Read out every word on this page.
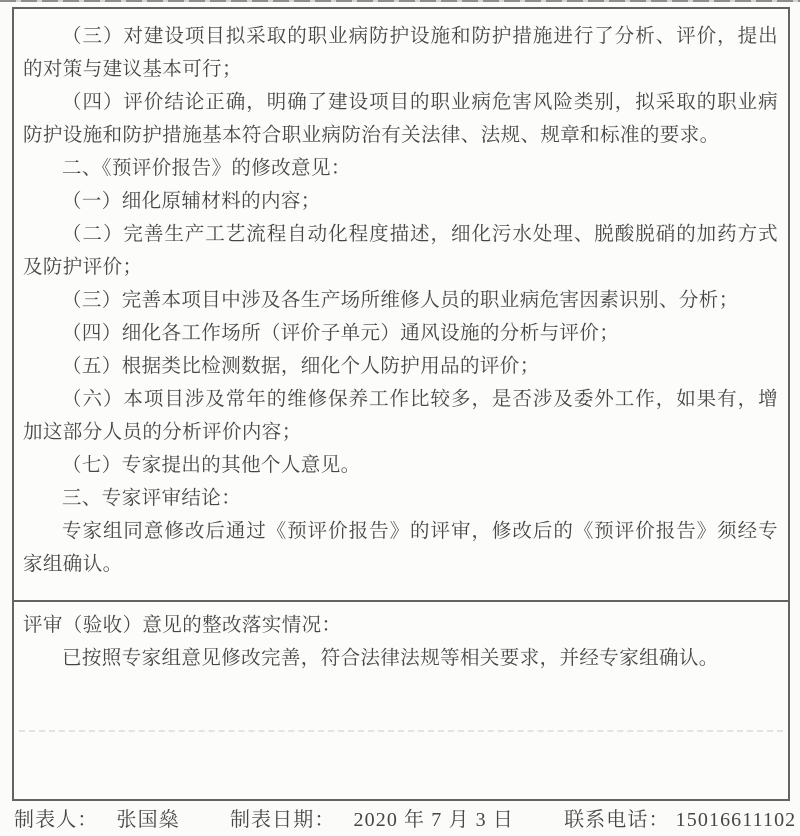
（三）对建设项目拟采取的职业病防护设施和防护措施进行了分析、评价，提出的对策与建议基本可行；

（四）评价结论正确，明确了建设项目的职业病危害风险类别，拟采取的职业病防护设施和防护措施基本符合职业病防治有关法律、法规、规章和标准的要求。

二、《预评价报告》的修改意见：

（一）细化原辅材料的内容；

（二）完善生产工艺流程自动化程度描述，细化污水处理、脱酸脱硝的加药方式及防护评价；

（三）完善本项目中涉及各生产场所维修人员的职业病危害因素识别、分析；

（四）细化各工作场所（评价子单元）通风设施的分析与评价；

（五）根据类比检测数据，细化个人防护用品的评价；

（六）本项目涉及常年的维修保养工作比较多，是否涉及委外工作，如果有，增加这部分人员的分析评价内容；

（七）专家提出的其他个人意见。

三、专家评审结论：

专家组同意修改后通过《预评价报告》的评审，修改后的《预评价报告》须经专家组确认。

评审（验收）意见的整改落实情况：

已按照专家组意见修改完善，符合法律法规等相关要求，并经专家组确认。

制表人： 张国燊	制表日期： 2020 年 7 月 3 日	联系电话： 15016611102
